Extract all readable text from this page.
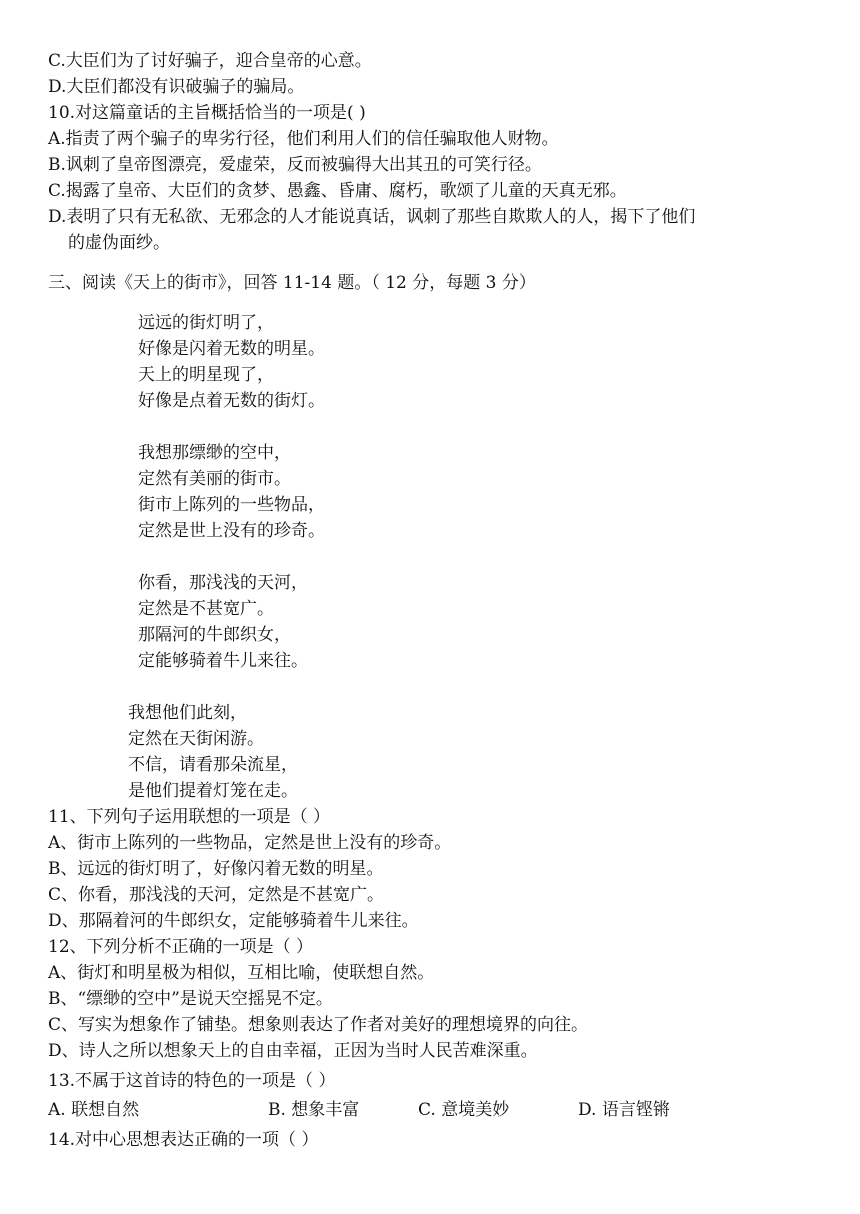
C.大臣们为了讨好骗子，迎合皇帝的心意。
D.大臣们都没有识破骗子的骗局。
10.对这篇童话的主旨概括恰当的一项是( )
A.指责了两个骗子的卑劣行径，他们利用人们的信任骗取他人财物。
B.讽刺了皇帝图漂亮，爱虚荣，反而被骗得大出其丑的可笑行径。
C.揭露了皇帝、大臣们的贪梦、愚鑫、昏庸、腐朽，歌颂了儿童的天真无邪。
D.表明了只有无私欲、无邪念的人才能说真话，讽刺了那些自欺欺人的人，揭下了他们
的虚伪面纱。
三、阅读《天上的街市》，回答 11-14 题。（ 12 分，每题 3 分）
远远的街灯明了，
好像是闪着无数的明星。
天上的明星现了，
好像是点着无数的街灯。
我想那缥缈的空中，
定然有美丽的街市。
街市上陈列的一些物品，
定然是世上没有的珍奇。
你看，那浅浅的天河，
定然是不甚宽广。
那隔河的牛郎织女，
定能够骑着牛儿来往。
我想他们此刻，
定然在天街闲游。
不信，请看那朵流星，
是他们提着灯笼在走。
11、下列句子运用联想的一项是（ ）
A、街市上陈列的一些物品，定然是世上没有的珍奇。
B、远远的街灯明了，好像闪着无数的明星。
C、你看，那浅浅的天河，定然是不甚宽广。
D、那隔着河的牛郎织女，定能够骑着牛儿来往。
12、下列分析不正确的一项是（ ）
A、街灯和明星极为相似，互相比喻，使联想自然。
B、“缥缈的空中”是说天空摇晃不定。
C、写实为想象作了铺垫。想象则表达了作者对美好的理想境界的向往。
D、诗人之所以想象天上的自由幸福，正因为当时人民苦难深重。
13.不属于这首诗的特色的一项是（ ）
A. 联想自然	B. 想象丰富	C. 意境美妙	D. 语言铿锵
14.对中心思想表达正确的一项（ ）
